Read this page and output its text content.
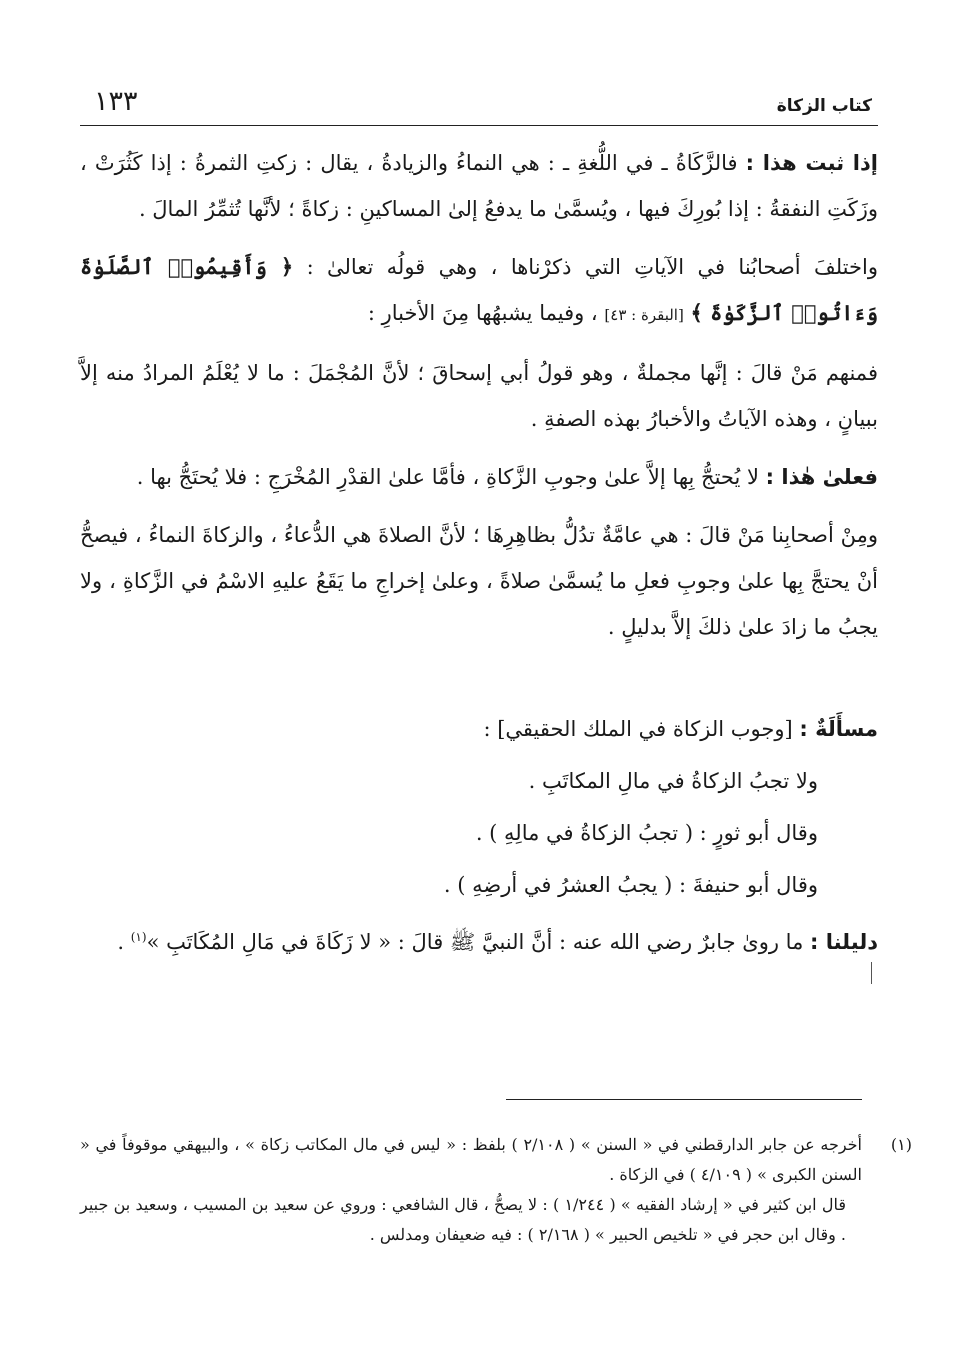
كتاب الزكاة
١٣٣

إذا ثبت هذا : فالزَّكَاةُ ـ في اللُّغةِ ـ : هي النماءُ والزيادةُ ، يقال : زكتِ الثمرةُ : إذا كَثُرَتْ ، وزَكَتِ النفقةُ : إذا بُورِكَ فيها ، ويُسمَّىٰ ما يدفعُ إلىٰ المساكينِ : زكاةً ؛ لأنَّها تُثمِّرُ المالَ .

واختلفَ أصحابُنا في الآياتِ التي ذكرْناها ، وهي قولُه تعالىٰ : ﴿ وَأَقِيمُوا۟ ٱلصَّلَوٰةَ وَءَاتُوا۟ ٱلزَّكَوٰةَ ﴾ [البقرة : ٤٣] ، وفيما يشبهُها مِنَ الأخبارِ :

فمنهم مَنْ قالَ : إنَّها مجملةٌ ، وهو قولُ أبي إسحاقَ ؛ لأنَّ المُجْمَلَ : ما لا يُعْلَمُ المرادُ منه إلاَّ ببيانٍ ، وهذه الآياتُ والأخبارُ بهذه الصفةِ .

فعلىٰ هٰذا : لا يُحتجُّ بِها إلاَّ علىٰ وجوبِ الزَّكاةِ ، فأمَّا علىٰ القدْرِ المُخْرَجِ : فلا يُحتَجُّ بها .

ومِنْ أصحابِنا مَنْ قالَ : هي عامَّةٌ تدُلُّ بظاهِرِهَا ؛ لأنَّ الصلاةَ هي الدُّعاءُ ، والزكاةَ النماءُ ، فيصحُّ أنْ يحتجَّ بِها علىٰ وجوبِ فعلِ ما يُسمَّىٰ صلاةً ، وعلىٰ إخراجِ ما يَقَعُ عليهِ الاسْمُ في الزَّكاةِ ، ولا يجبُ ما زادَ علىٰ ذلكَ إلاَّ بدليلٍ .

مسأَلَةٌ : [وجوب الزكاة في الملك الحقيقي] :

ولا تجبُ الزكاةُ في مالِ المكاتَبِ .

وقال أبو ثورٍ : ( تجبُ الزكاةُ في مالِهِ ) .

وقال أبو حنيفةَ : ( يجبُ العشرُ في أرضِهِ ) .

دليلنا : ما روىٰ جابرٌ رضي الله عنه : أنَّ النبيَّ ﷺ قالَ : « لا زَكَاةَ في مَالِ المُكَاتَبِ »$^{(١)}$ .

(١)

أخرجه عن جابر الدارقطني في « السنن » ( ٢/١٠٨ ) بلفظ : « ليس في مال المكاتب زكاة » ، والبيهقي موقوفاً في « السنن الكبرى » ( ٤/١٠٩ ) في الزكاة .

قال ابن كثير في « إرشاد الفقيه » ( ١/٢٤٤ ) : لا يصحُّ ، قال الشافعي : وروي عن سعيد بن المسيب ، وسعيد بن جبير . وقال ابن حجر في « تلخيص الحبير » ( ٢/١٦٨ ) : فيه ضعيفان ومدلس .
